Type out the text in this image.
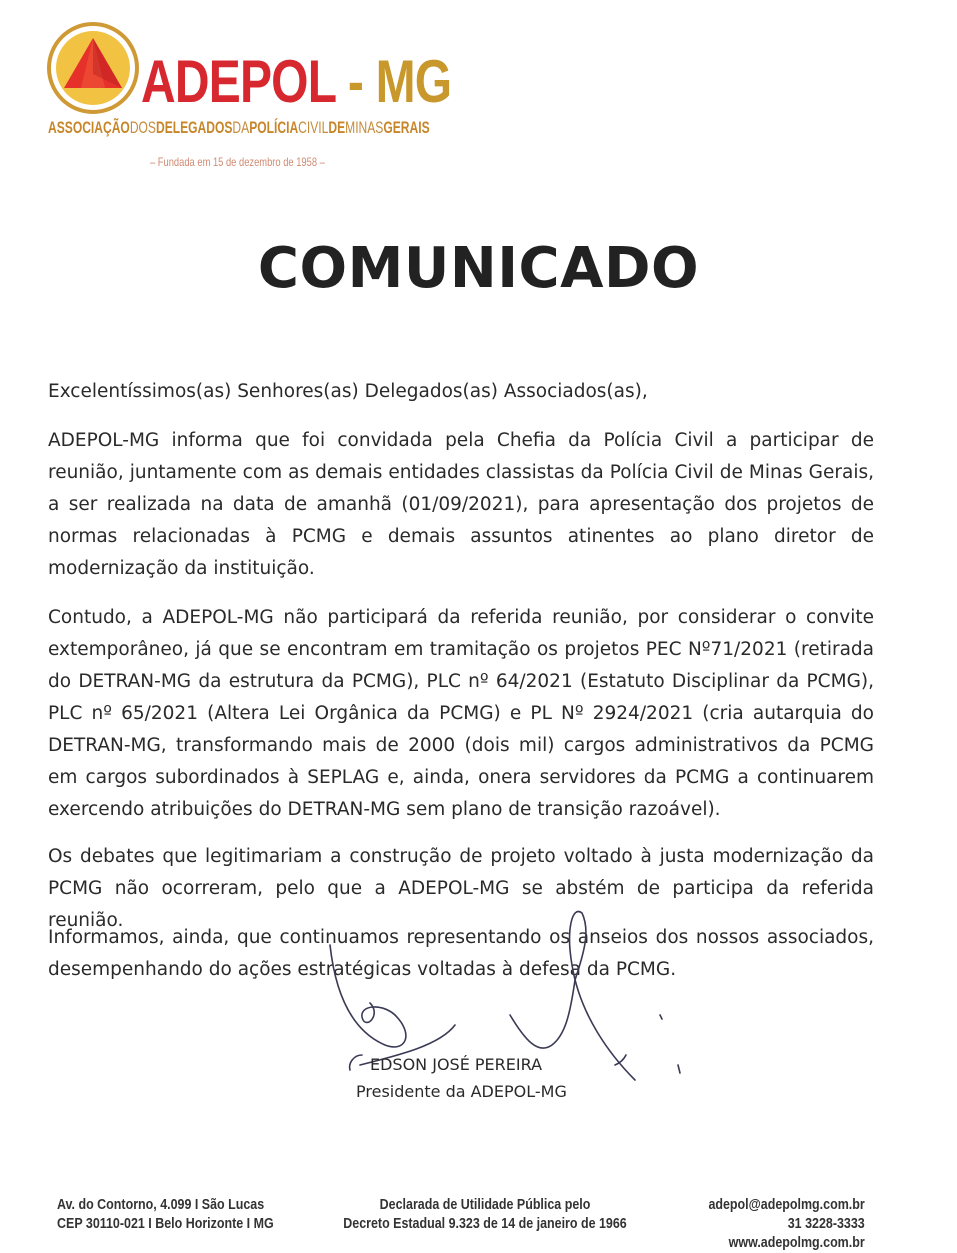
ADEPOL - MG
ASSOCIAÇÃODOSDELEGADOSDAPOLÍCIACIVILDEMINASGERAIS
– Fundada em 15 de dezembro de 1958 –
COMUNICADO

Excelentíssimos(as) Senhores(as) Delegados(as) Associados(as),

ADEPOL-MG informa que foi convidada pela Chefia da Polícia Civil a participar de reunião, juntamente com as demais entidades classistas da Polícia Civil de Minas Gerais, a ser realizada na data de amanhã (01/09/2021), para apresentação dos projetos de normas relacionadas à PCMG e demais assuntos atinentes ao plano diretor de modernização da instituição.

Contudo, a ADEPOL-MG não participará da referida reunião, por considerar o convite extemporâneo, já que se encontram em tramitação os projetos PEC Nº71/2021 (retirada do DETRAN-MG da estrutura da PCMG), PLC nº 64/2021 (Estatuto Disciplinar da PCMG), PLC nº 65/2021 (Altera Lei Orgânica da PCMG) e PL Nº 2924/2021 (cria autarquia do DETRAN-MG, transformando mais de 2000 (dois mil) cargos administrativos da PCMG em cargos subordinados à SEPLAG e, ainda, onera servidores da PCMG a continuarem exercendo atribuições do DETRAN-MG sem plano de transição razoável).

Os debates que legitimariam a construção de projeto voltado à justa modernização da PCMG não ocorreram, pelo que a ADEPOL-MG se abstém de participa da referida reunião.

Informamos, ainda, que continuamos representando os anseios dos nossos associados, desempenhando do ações estratégicas voltadas à defesa da PCMG.

EDSON JOSÉ PEREIRA
Presidente da ADEPOL-MG
Av. do Contorno, 4.099 I São Lucas
CEP 30110-021 I Belo Horizonte I MG
Declarada de Utilidade Pública pelo
Decreto Estadual 9.323 de 14 de janeiro de 1966
adepol@adepolmg.com.br
31 3228-3333
www.adepolmg.com.br
